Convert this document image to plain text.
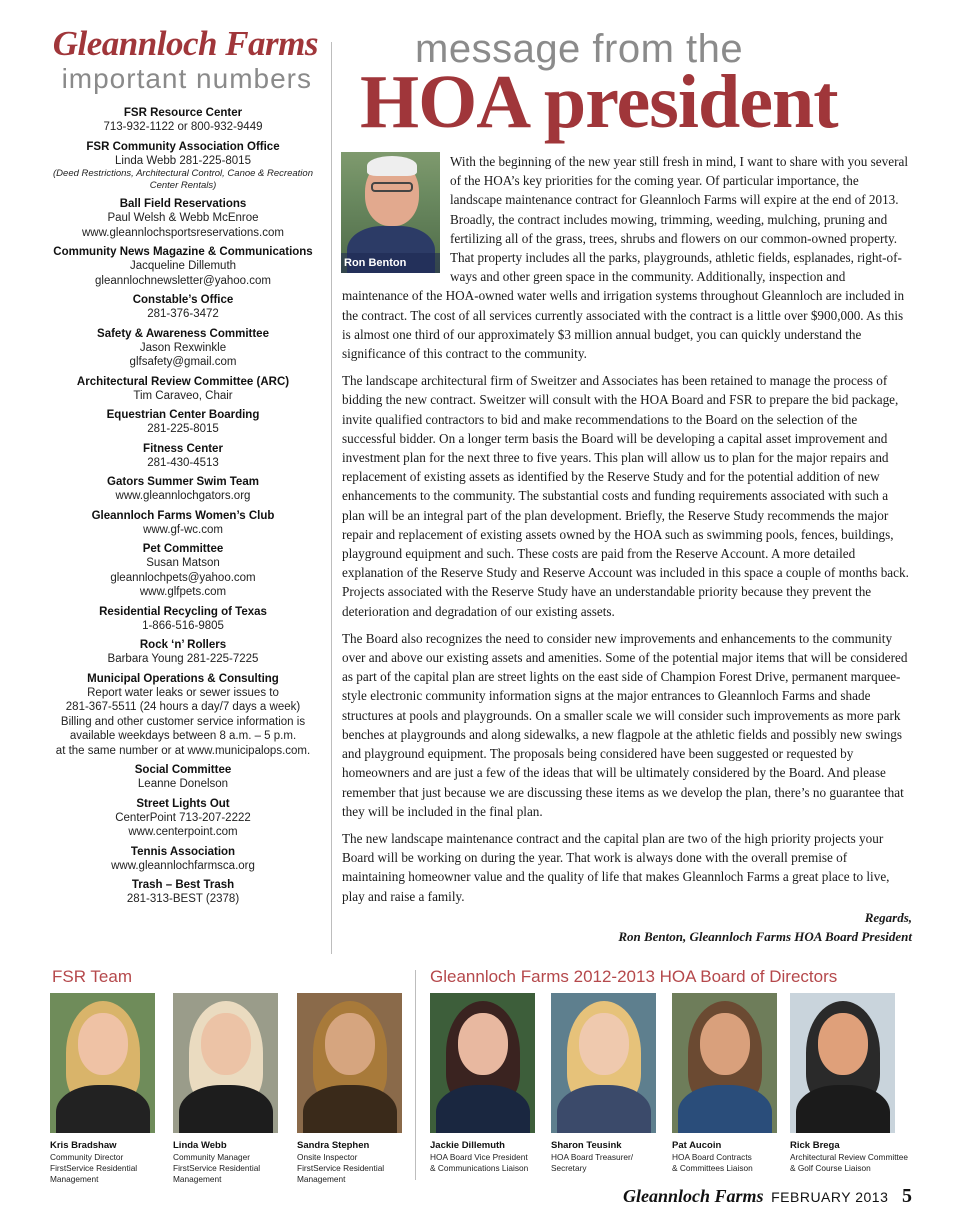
Gleannloch Farms
important numbers
FSR Resource Center
713-932-1122 or 800-932-9449
FSR Community Association Office
Linda Webb 281-225-8015
(Deed Restrictions, Architectural Control, Canoe & Recreation Center Rentals)
Ball Field Reservations
Paul Welsh & Webb McEnroe
www.gleannlochsportsreservations.com
Community News Magazine & Communications
Jacqueline Dillemuth
gleannlochnewsletter@yahoo.com
Constable’s Office
281-376-3472
Safety & Awareness Committee
Jason Rexwinkle
glfsafety@gmail.com
Architectural Review Committee (ARC)
Tim Caraveo, Chair
Equestrian Center Boarding
281-225-8015
Fitness Center
281-430-4513
Gators Summer Swim Team
www.gleannlochgators.org
Gleannloch Farms Women’s Club
www.gf-wc.com
Pet Committee
Susan Matson
gleannlochpets@yahoo.com
www.glfpets.com
Residential Recycling of Texas
1-866-516-9805
Rock ‘n’ Rollers
Barbara Young 281-225-7225
Municipal Operations & Consulting
Report water leaks or sewer issues to
281-367-5511 (24 hours a day/7 days a week)
Billing and other customer service information is
available weekdays between 8 a.m. – 5 p.m.
at the same number or at www.municipalops.com.
Social Committee
Leanne Donelson
Street Lights Out
CenterPoint 713-207-2222
www.centerpoint.com
Tennis Association
www.gleannlochfarmsca.org
Trash – Best Trash
281-313-BEST (2378)
message from the
HOA president

With the beginning of the new year still fresh in mind, I want to share with you several of the HOA’s key priorities for the coming year. Of particular importance, the landscape maintenance contract for Gleannloch Farms will expire at the end of 2013. Broadly, the contract includes mowing, trimming, weeding, mulching, pruning and fertilizing all of the grass, trees, shrubs and flowers on our common-owned property. That property includes all the parks, playgrounds, athletic fields, esplanades, right-of-ways and other green space in the community. Additionally, inspection and maintenance of the HOA-owned water wells and irrigation systems throughout Gleannloch are included in the contract. The cost of all services currently associated with the contract is a little over $900,000. As this is almost one third of our approximately $3 million annual budget, you can quickly understand the significance of this contract to the community.

The landscape architectural firm of Sweitzer and Associates has been retained to manage the process of bidding the new contract. Sweitzer will consult with the HOA Board and FSR to prepare the bid package, invite qualified contractors to bid and make recommendations to the Board on the selection of the successful bidder. On a longer term basis the Board will be developing a capital asset improvement and investment plan for the next three to five years. This plan will allow us to plan for the major repairs and replacement of existing assets as identified by the Reserve Study and for the potential addition of new enhancements to the community. The substantial costs and funding requirements associated with such a plan will be an integral part of the plan development. Briefly, the Reserve Study recommends the major repair and replacement of existing assets owned by the HOA such as swimming pools, fences, buildings, playground equipment and such. These costs are paid from the Reserve Account. A more detailed explanation of the Reserve Study and Reserve Account was included in this space a couple of months back. Projects associated with the Reserve Study have an understandable priority because they prevent the deterioration and degradation of our existing assets.

The Board also recognizes the need to consider new improvements and enhancements to the community over and above our existing assets and amenities. Some of the potential major items that will be considered as part of the capital plan are street lights on the east side of Champion Forest Drive, permanent marquee-style electronic community information signs at the major entrances to Gleannloch Farms and shade structures at pools and playgrounds. On a smaller scale we will consider such improvements as more park benches at playgrounds and along sidewalks, a new flagpole at the athletic fields and possibly new swings and playground equipment. The proposals being considered have been suggested or requested by homeowners and are just a few of the ideas that will be ultimately considered by the Board. And please remember that just because we are discussing these items as we develop the plan, there’s no guarantee that they will be included in the final plan.

The new landscape maintenance contract and the capital plan are two of the high priority projects your Board will be working on during the year. That work is always done with the overall premise of maintaining homeowner value and the quality of life that makes Gleannloch Farms a great place to live, play and raise a family.

Ron Benton
Regards,
Ron Benton, Gleannloch Farms HOA Board President
FSR Team	Gleannloch Farms 2012-2013 HOA Board of Directors
Kris Bradshaw
Community Director
FirstService Residential Management
Linda Webb
Community Manager
FirstService Residential Management
Sandra Stephen
Onsite Inspector
FirstService Residential Management
Jackie Dillemuth
HOA Board Vice President
& Communications Liaison
Sharon Teusink
HOA Board Treasurer/
Secretary
Pat Aucoin
HOA Board Contracts
& Committees Liaison
Rick Brega
Architectural Review Committee
& Golf Course Liaison
Gleannloch Farms FEBRUARY 2013 5
